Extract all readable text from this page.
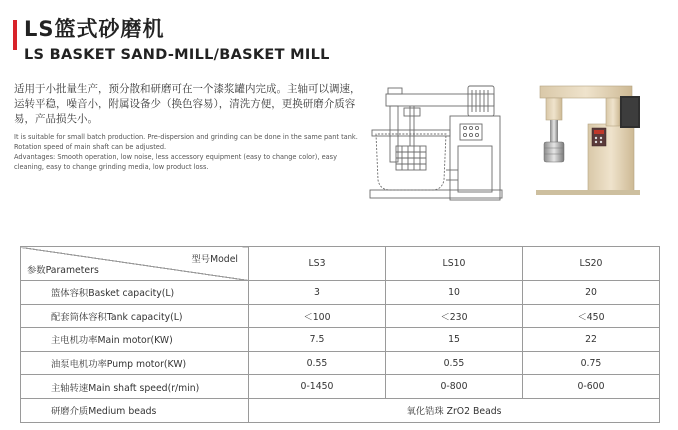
LS篮式砂磨机
LS BASKET SAND-MILL/BASKET MILL
适用于小批量生产，预分散和研磨可在一个漆浆罐内完成。主轴可以调速，运转平稳，噪音小，附属设备少（换色容易），清洗方便，更换研磨介质容易，产品损失小。
It is suitable for small batch production. Pre-dispersion and grinding can be done in the same pant tank. Rotation speed of main shaft can be adjusted.
Advantages: Smooth operation, low noise, less accessory equipment (easy to change color), easy cleaning, easy to change grinding media, low product loss.
型号Model
参数Parameters	LS3	LS10	LS20
篮体容积Basket capacity(L)	3	10	20
配套筒体容积Tank capacity(L)	＜100	＜230	＜450
主电机功率Main motor(KW)	7.5	15	22
油泵电机功率Pump motor(KW)	0.55	0.55	0.75
主轴转速Main shaft speed(r/min)	0-1450	0-800	0-600
研磨介质Medium beads	氧化锆珠 ZrO2 Beads		
